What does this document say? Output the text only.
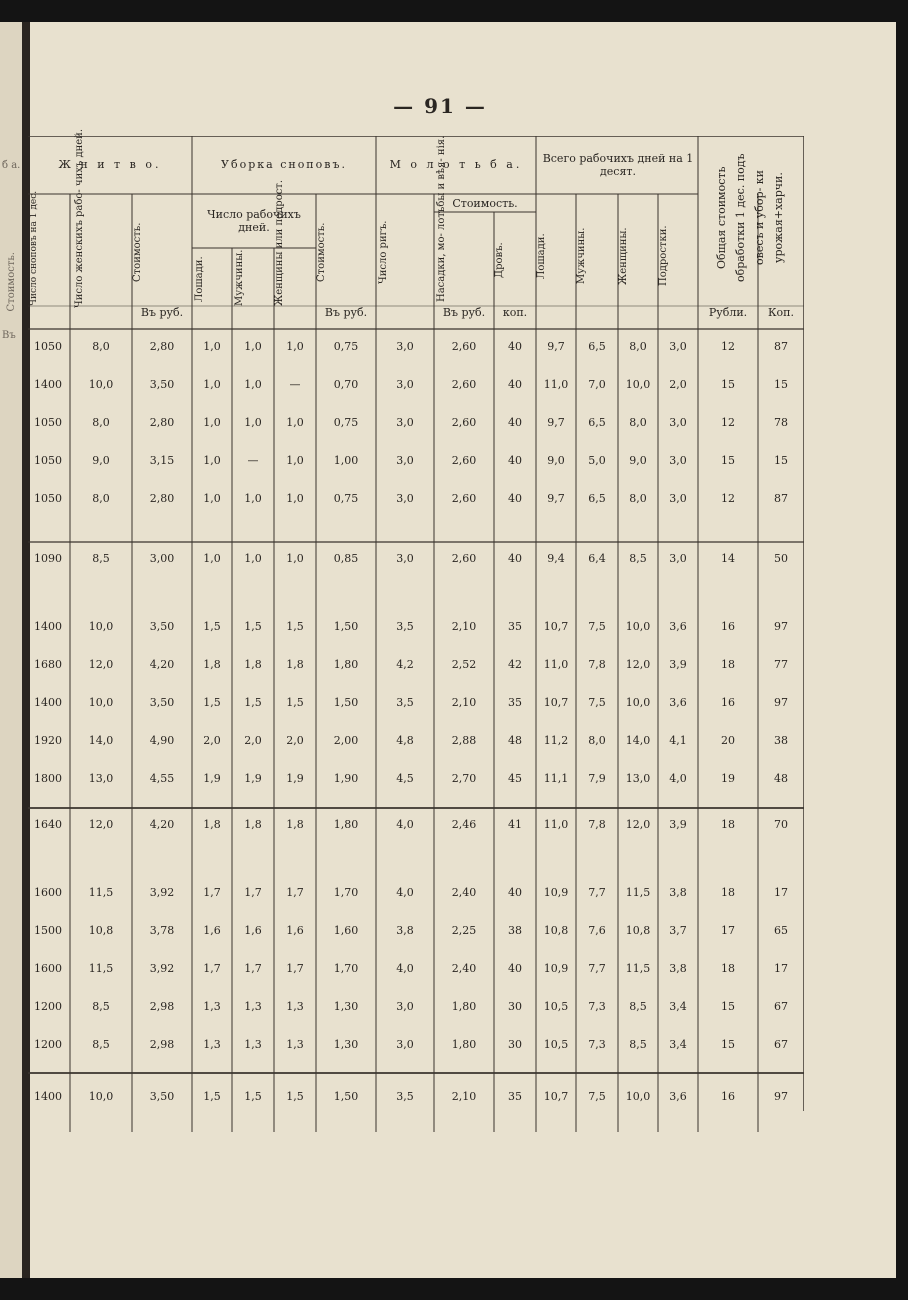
б а.
Стоимость.
Въ
— 91 —
Ж н и т в о.	Уборка сноповъ.	М о л о т ь б а.	Всего рабочихъ дней на 1 десят.
Число сноповъ на 1 дес.	Число женскихъ рабо- чихъ дней.	Стоимость.
Число рабочихъ дней.
Лошади.	Мужчины.	Женщины или подрост.	Стоимость.	Число ригъ.
Стоимость.
Насадки, мо- лотьбы и вѣя- нія.	Дровъ.	Лошади.	Мужчины.	Женщины.	Подростки.	Общая стоимость обработки 1 дес. подъ овесъ и убор- ки урожая+харчи.
Въ руб.	Въ руб.	Въ руб.	коп.	Рубли.	Коп.
1050	8,0	2,80	1,0	1,0	1,0	0,75	3,0	2,60	40	9,7	6,5	8,0	3,0	12	87
1400	10,0	3,50	1,0	1,0	—	0,70	3,0	2,60	40	11,0	7,0	10,0	2,0	15	15
1050	8,0	2,80	1,0	1,0	1,0	0,75	3,0	2,60	40	9,7	6,5	8,0	3,0	12	78
1050	9,0	3,15	1,0	—	1,0	1,00	3,0	2,60	40	9,0	5,0	9,0	3,0	15	15
1050	8,0	2,80	1,0	1,0	1,0	0,75	3,0	2,60	40	9,7	6,5	8,0	3,0	12	87
1090	8,5	3,00	1,0	1,0	1,0	0,85	3,0	2,60	40	9,4	6,4	8,5	3,0	14	50
1400	10,0	3,50	1,5	1,5	1,5	1,50	3,5	2,10	35	10,7	7,5	10,0	3,6	16	97
1680	12,0	4,20	1,8	1,8	1,8	1,80	4,2	2,52	42	11,0	7,8	12,0	3,9	18	77
1400	10,0	3,50	1,5	1,5	1,5	1,50	3,5	2,10	35	10,7	7,5	10,0	3,6	16	97
1920	14,0	4,90	2,0	2,0	2,0	2,00	4,8	2,88	48	11,2	8,0	14,0	4,1	20	38
1800	13,0	4,55	1,9	1,9	1,9	1,90	4,5	2,70	45	11,1	7,9	13,0	4,0	19	48
1640	12,0	4,20	1,8	1,8	1,8	1,80	4,0	2,46	41	11,0	7,8	12,0	3,9	18	70
1600	11,5	3,92	1,7	1,7	1,7	1,70	4,0	2,40	40	10,9	7,7	11,5	3,8	18	17
1500	10,8	3,78	1,6	1,6	1,6	1,60	3,8	2,25	38	10,8	7,6	10,8	3,7	17	65
1600	11,5	3,92	1,7	1,7	1,7	1,70	4,0	2,40	40	10,9	7,7	11,5	3,8	18	17
1200	8,5	2,98	1,3	1,3	1,3	1,30	3,0	1,80	30	10,5	7,3	8,5	3,4	15	67
1200	8,5	2,98	1,3	1,3	1,3	1,30	3,0	1,80	30	10,5	7,3	8,5	3,4	15	67
1400	10,0	3,50	1,5	1,5	1,5	1,50	3,5	2,10	35	10,7	7,5	10,0	3,6	16	97
